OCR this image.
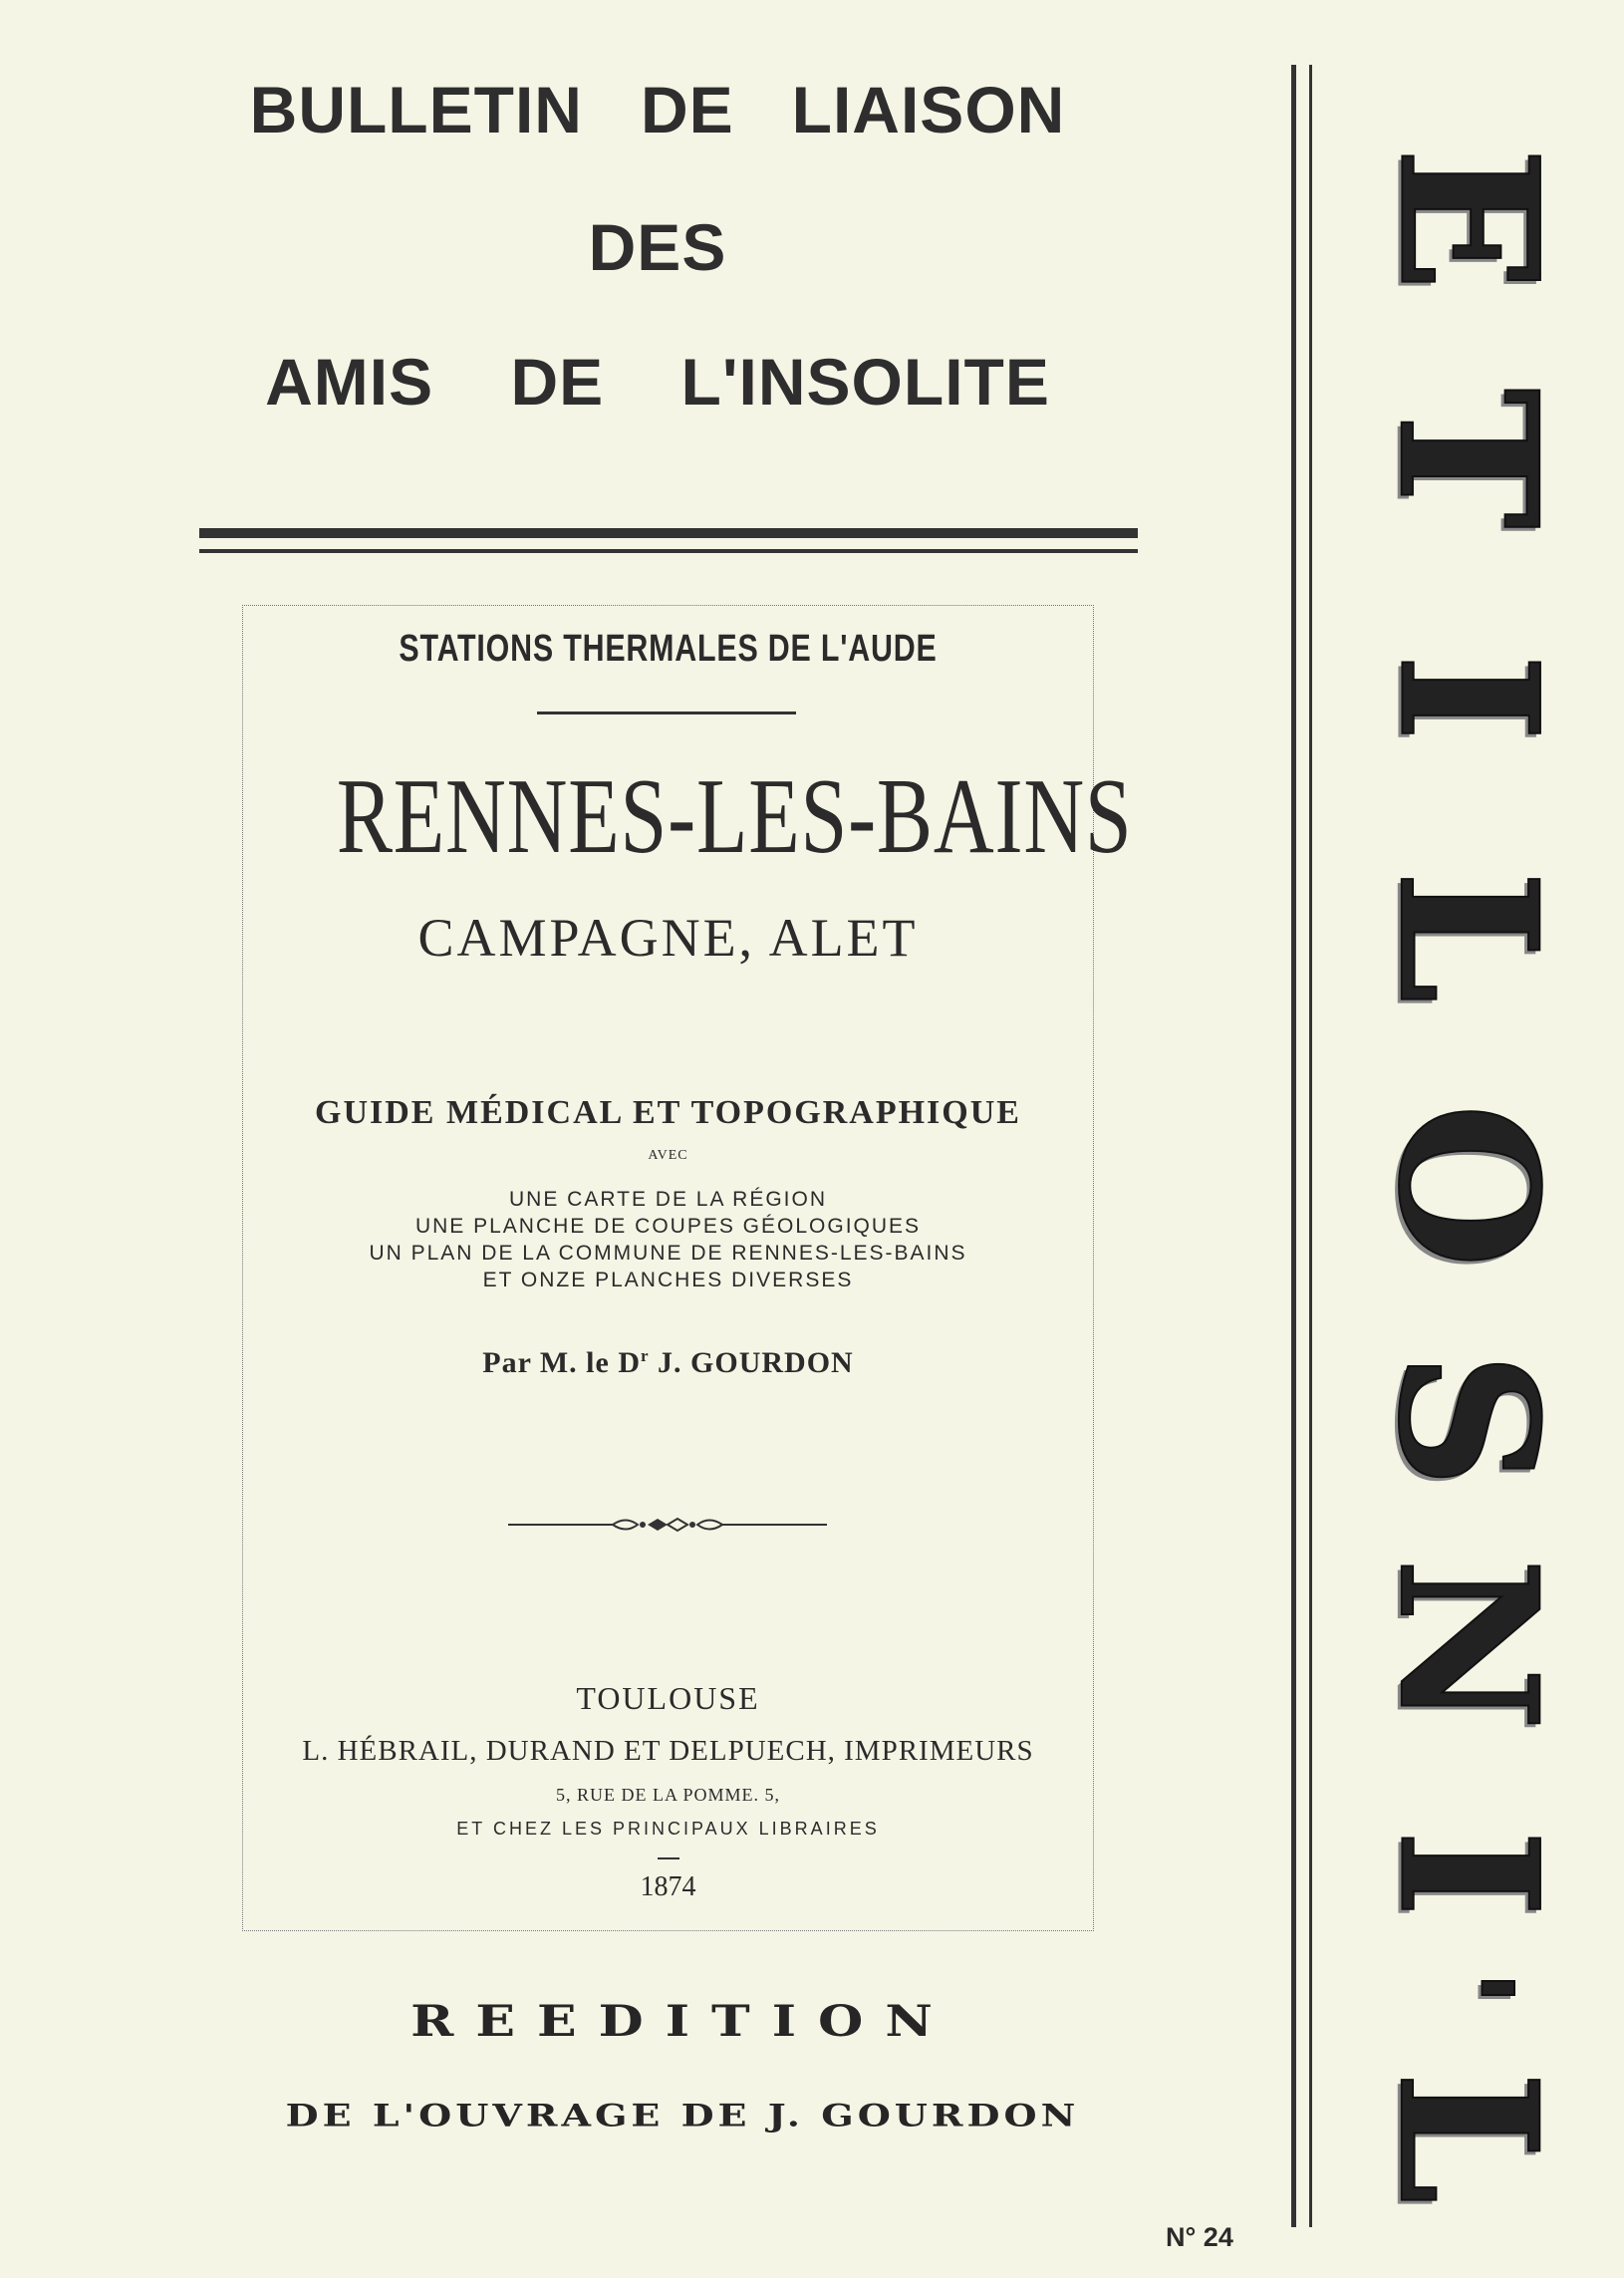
BULLETIN   DE   LIAISON
DES
AMIS    DE    L'INSOLITE
STATIONS THERMALES DE L'AUDE
RENNES-LES-BAINS
CAMPAGNE, ALET
GUIDE MÉDICAL ET TOPOGRAPHIQUE
AVEC
UNE CARTE DE LA RÉGION
UNE PLANCHE DE COUPES GÉOLOGIQUES
UN PLAN DE LA COMMUNE DE RENNES-LES-BAINS
ET ONZE PLANCHES DIVERSES
Par M. le $D^r$ J. GOURDON
TOULOUSE
L. HÉBRAIL, DURAND ET DELPUECH, IMPRIMEURS
5, RUE DE LA POMME. 5,
ET CHEZ LES PRINCIPAUX LIBRAIRES
1874
REEDITION
DE L'OUVRAGE DE J. GOURDON
N° 24
L
'
I
N
S
O
L
I
T
E
